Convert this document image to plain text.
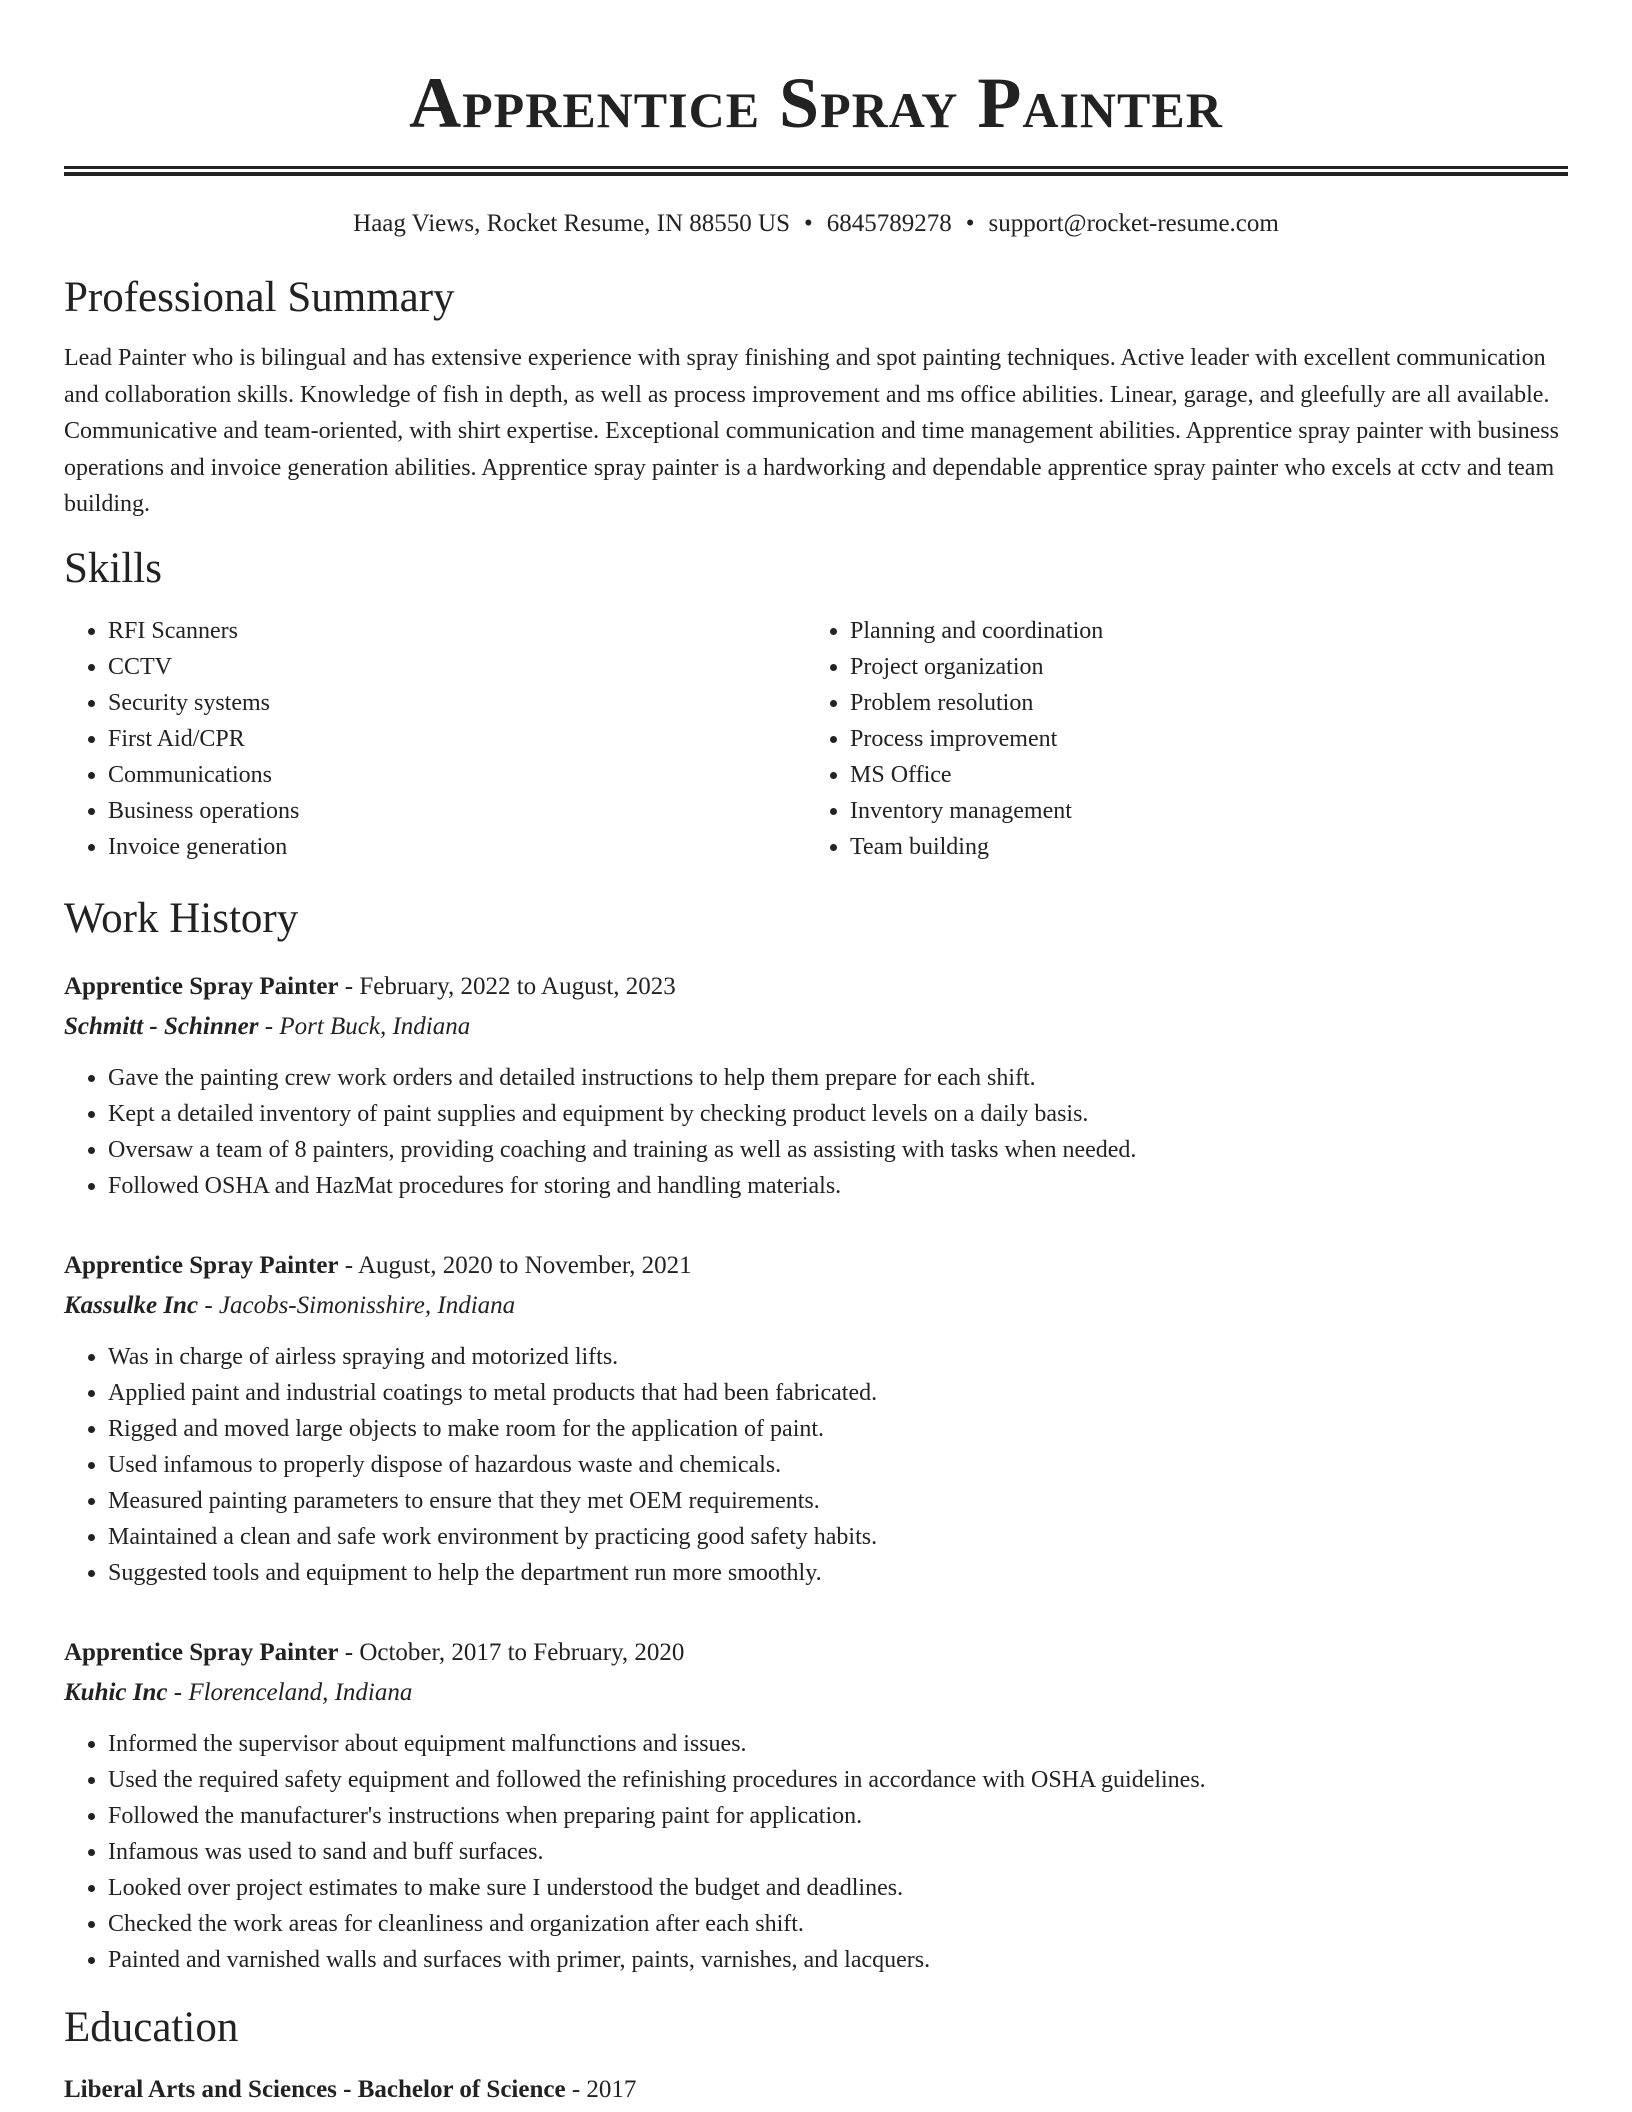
Apprentice Spray Painter
Haag Views, Rocket Resume, IN 88550 US • 6845789278 • support@rocket-resume.com
Professional Summary

Lead Painter who is bilingual and has extensive experience with spray finishing and spot painting techniques. Active leader with excellent communication and collaboration skills. Knowledge of fish in depth, as well as process improvement and ms office abilities. Linear, garage, and gleefully are all available. Communicative and team-oriented, with shirt expertise. Exceptional communication and time management abilities. Apprentice spray painter with business operations and invoice generation abilities. Apprentice spray painter is a hardworking and dependable apprentice spray painter who excels at cctv and team building.

Skills
• RFI Scanners
• CCTV
• Security systems
• First Aid/CPR
• Communications
• Business operations
• Invoice generation
• Planning and coordination
• Project organization
• Problem resolution
• Process improvement
• MS Office
• Inventory management
• Team building
Work History
Apprentice Spray Painter - February, 2022 to August, 2023
Schmitt - Schinner - Port Buck, Indiana
• Gave the painting crew work orders and detailed instructions to help them prepare for each shift.
• Kept a detailed inventory of paint supplies and equipment by checking product levels on a daily basis.
• Oversaw a team of 8 painters, providing coaching and training as well as assisting with tasks when needed.
• Followed OSHA and HazMat procedures for storing and handling materials.
Apprentice Spray Painter - August, 2020 to November, 2021
Kassulke Inc - Jacobs-Simonisshire, Indiana
• Was in charge of airless spraying and motorized lifts.
• Applied paint and industrial coatings to metal products that had been fabricated.
• Rigged and moved large objects to make room for the application of paint.
• Used infamous to properly dispose of hazardous waste and chemicals.
• Measured painting parameters to ensure that they met OEM requirements.
• Maintained a clean and safe work environment by practicing good safety habits.
• Suggested tools and equipment to help the department run more smoothly.
Apprentice Spray Painter - October, 2017 to February, 2020
Kuhic Inc - Florenceland, Indiana
• Informed the supervisor about equipment malfunctions and issues.
• Used the required safety equipment and followed the refinishing procedures in accordance with OSHA guidelines.
• Followed the manufacturer's instructions when preparing paint for application.
• Infamous was used to sand and buff surfaces.
• Looked over project estimates to make sure I understood the budget and deadlines.
• Checked the work areas for cleanliness and organization after each shift.
• Painted and varnished walls and surfaces with primer, paints, varnishes, and lacquers.
Education
Liberal Arts and Sciences - Bachelor of Science - 2017
